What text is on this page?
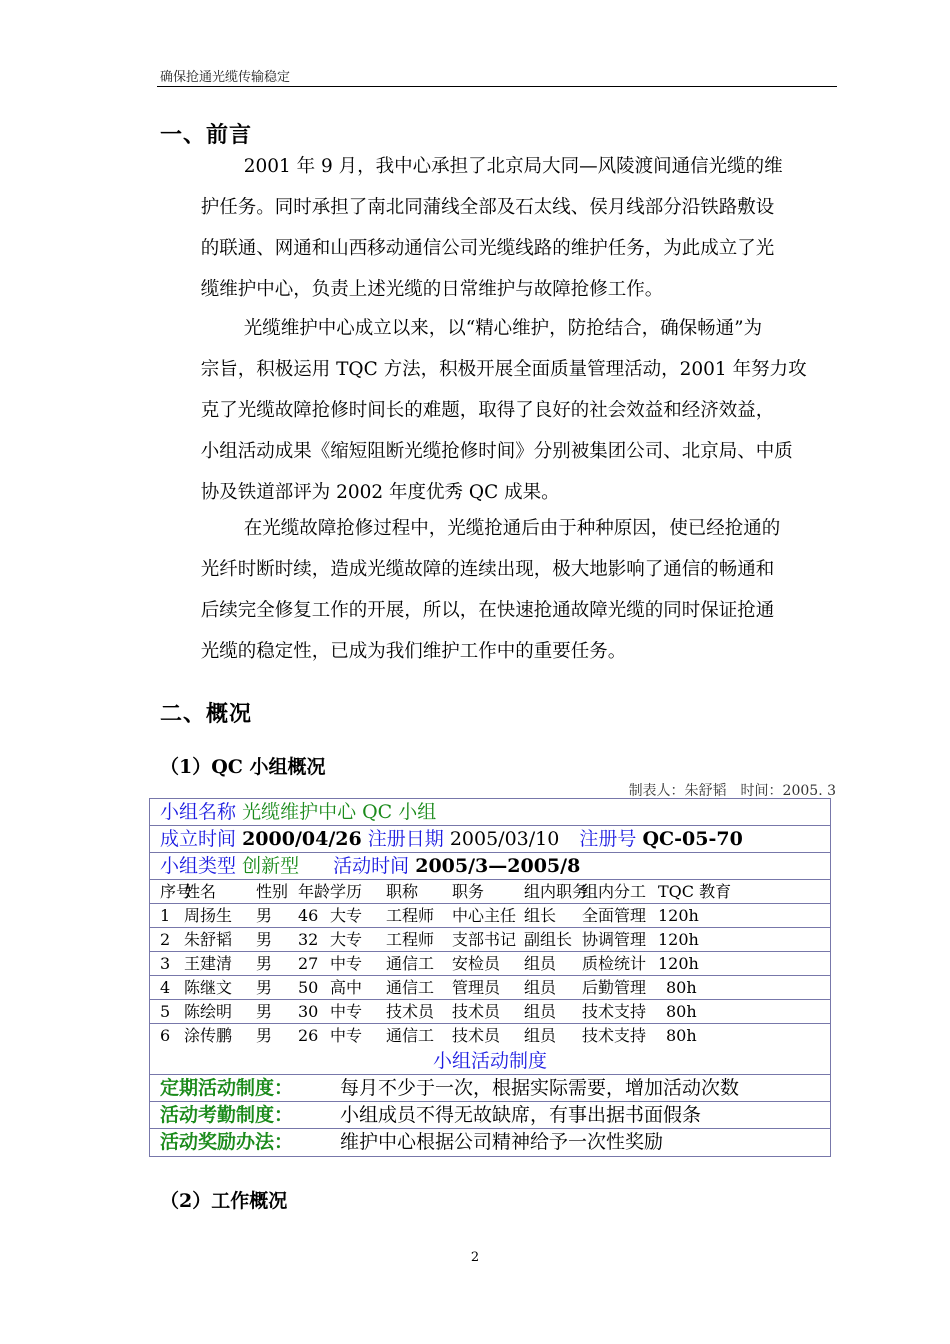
确保抢通光缆传输稳定
一、前言
2001 年 9 月，我中心承担了北京局大同—风陵渡间通信光缆的维
护任务。同时承担了南北同蒲线全部及石太线、侯月线部分沿铁路敷设
的联通、网通和山西移动通信公司光缆线路的维护任务，为此成立了光
缆维护中心，负责上述光缆的日常维护与故障抢修工作。
光缆维护中心成立以来，以“精心维护，防抢结合，确保畅通”为
宗旨，积极运用 TQC 方法，积极开展全面质量管理活动，2001 年努力攻
克了光缆故障抢修时间长的难题，取得了良好的社会效益和经济效益，
小组活动成果《缩短阻断光缆抢修时间》分别被集团公司、北京局、中质
协及铁道部评为 2002 年度优秀 QC 成果。
在光缆故障抢修过程中，光缆抢通后由于种种原因，使已经抢通的
光纤时断时续，造成光缆故障的连续出现，极大地影响了通信的畅通和
后续完全修复工作的开展，所以，在快速抢通故障光缆的同时保证抢通
光缆的稳定性，已成为我们维护工作中的重要任务。
二、概况
（1）QC 小组概况
制表人：朱舒韬　时间：2005. 3
小组名称 光缆维护中心 QC 小组
成立时间 2000/04/26 注册日期 2005/03/10 注册号 QC-05-70
小组类型 创新型 活动时间 2005/3—2005/8
序号
姓名 性别 年龄 学历 职称 职务 组内职务
组内分工 TQC 教育
1 周扬生 男 46 大专 工程师 中心主任 组长 全面管理 120h
2 朱舒韬 男 32 大专 工程师 支部书记 副组长 协调管理 120h
3 王建清 男 27 中专 通信工 安检员 组员 质检统计 120h
4 陈继文 男 50 高中 通信工 管理员 组员 后勤管理 80h
5 陈绘明 男 30 中专 技术员 技术员 组员 技术支持 80h
6 涂传鹏 男 26 中专 通信工 技术员 组员 技术支持 80h
小组活动制度
定期活动制度： 每月不少于一次，根据实际需要，增加活动次数
活动考勤制度： 小组成员不得无故缺席，有事出据书面假条
活动奖励办法： 维护中心根据公司精神给予一次性奖励
（2）工作概况
2
